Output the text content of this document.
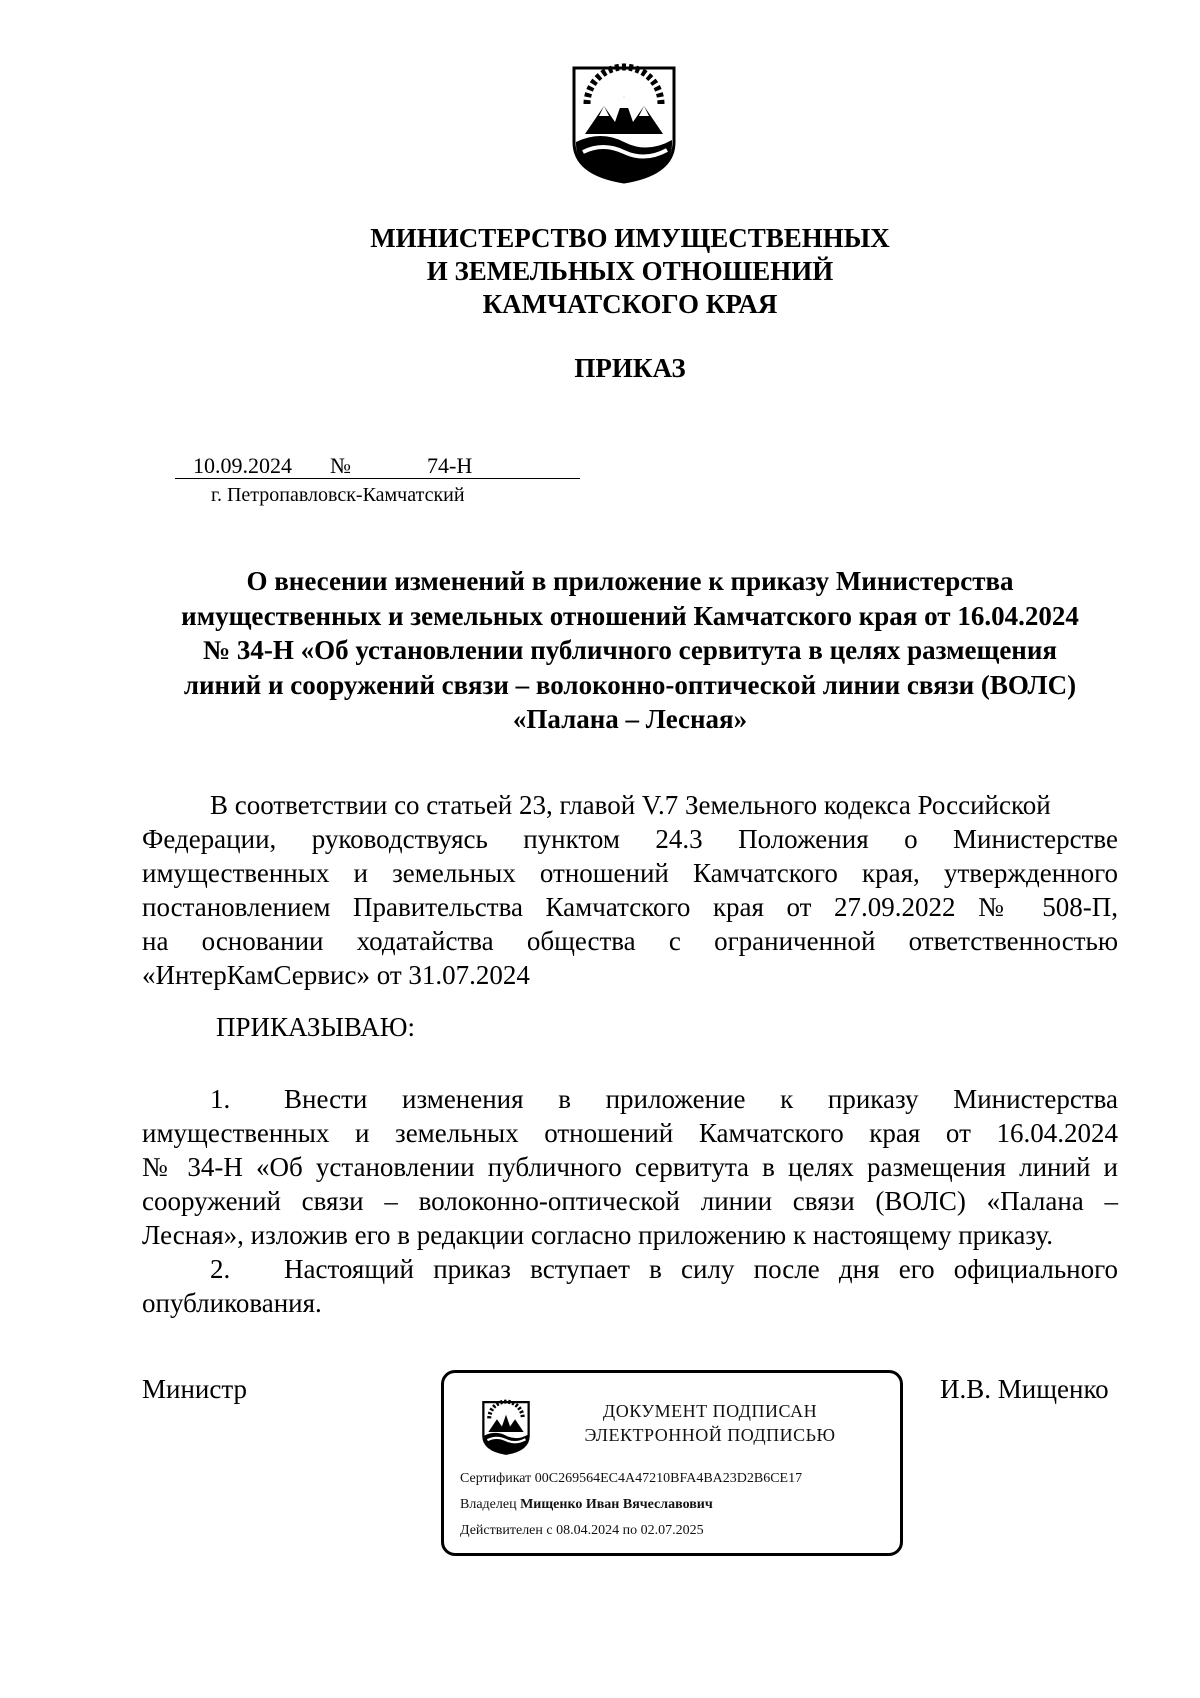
МИНИСТЕРСТВО ИМУЩЕСТВЕННЫХ
И ЗЕМЕЛЬНЫХ ОТНОШЕНИЙ
КАМЧАТСКОГО КРАЯ
ПРИКАЗ
10.09.2024 №	74-Н
г. Петропавловск-Камчатский
О внесении изменений в приложение к приказу Министерства
имущественных и земельных отношений Камчатского края от 16.04.2024
№ 34-Н «Об установлении публичного сервитута в целях размещения
линий и сооружений связи – волоконно-оптической линии связи (ВОЛС)
«Палана – Лесная»
В соответствии со статьей 23, главой V.7 Земельного кодекса Российской
Федерации, руководствуясь пунктом 24.3 Положения о Министерстве
имущественных и земельных отношений Камчатского края, утвержденного
постановлением Правительства Камчатского края от 27.09.2022 № 508-П,
на основании ходатайства общества с ограниченной ответственностью
«ИнтерКамСервис» от 31.07.2024
ПРИКАЗЫВАЮ:
1. Внести изменения в приложение к приказу Министерства
имущественных и земельных отношений Камчатского края от 16.04.2024
№ 34-Н «Об установлении публичного сервитута в целях размещения линий и
сооружений связи – волоконно-оптической линии связи (ВОЛС) «Палана –
Лесная», изложив его в редакции согласно приложению к настоящему приказу.
2. Настоящий приказ вступает в силу после дня его официального
опубликования.
Министр	И.В. Мищенко
ДОКУМЕНТ ПОДПИСАН
ЭЛЕКТРОННОЙ ПОДПИСЬЮ
Сертификат 00C269564EC4A47210BFA4BA23D2B6CE17
Владелец Мищенко Иван Вячеславович
Действителен с 08.04.2024 по 02.07.2025
